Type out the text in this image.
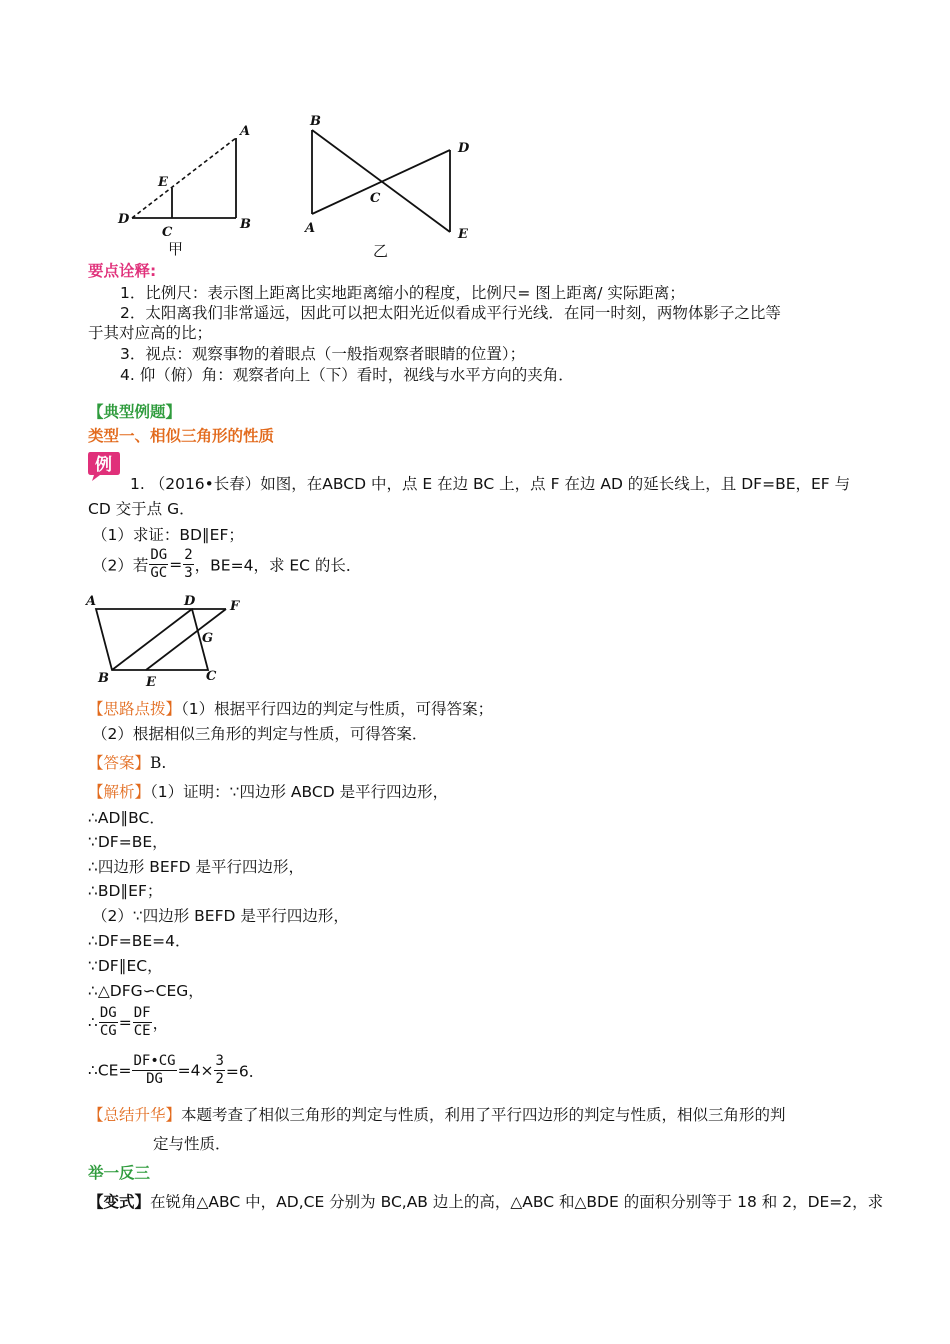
A
E
D
C
B
甲
B
D
C
A	E
乙
要点诠释:
1．比例尺：表示图上距离比实地距离缩小的程度，比例尺= 图上距离/ 实际距离；
2．太阳离我们非常遥远，因此可以把太阳光近似看成平行光线．在同一时刻，两物体影子之比等
于其对应高的比；
3．视点：观察事物的着眼点（一般指观察者眼睛的位置）；
4. 仰（俯）角：观察者向上（下）看时，视线与水平方向的夹角．
【典型例题】
类型一、相似三角形的性质
例
1. （2016•长春）如图，在ABCD 中，点 E 在边 BC 上，点 F 在边 AD 的延长线上，且 DF=BE，EF 与
CD 交于点 G．
（1）求证：BD∥EF；
（2）若 $\frac{DG}{GC} = \frac{2}{3}$ ，BE=4，求 EC 的长．
A	D	F
G
B	E	C
【思路点拨】（1）根据平行四边的判定与性质，可得答案；
（2）根据相似三角形的判定与性质，可得答案．
【答案】B.
【解析】（1）证明：∵四边形 ABCD 是平行四边形，
∴AD∥BC．
∵DF=BE，
∴四边形 BEFD 是平行四边形，
∴BD∥EF；
（2）∵四边形 BEFD 是平行四边形，
∴DF=BE=4．
∵DF∥EC，
∴△DFG∽CEG，
∴ $\frac{DG}{CG} = \frac{DF}{CE}$ ，
∴CE= $\frac{DF•CG}{DG} =4\times \frac{3}{2} =6$．
【总结升华】本题考查了相似三角形的判定与性质，利用了平行四边形的判定与性质，相似三角形的判
定与性质．
举一反三
【变式】在锐角△ABC 中，AD,CE 分别为 BC,AB 边上的高，△ABC 和△BDE 的面积分别等于 18 和 2，DE=2，求
